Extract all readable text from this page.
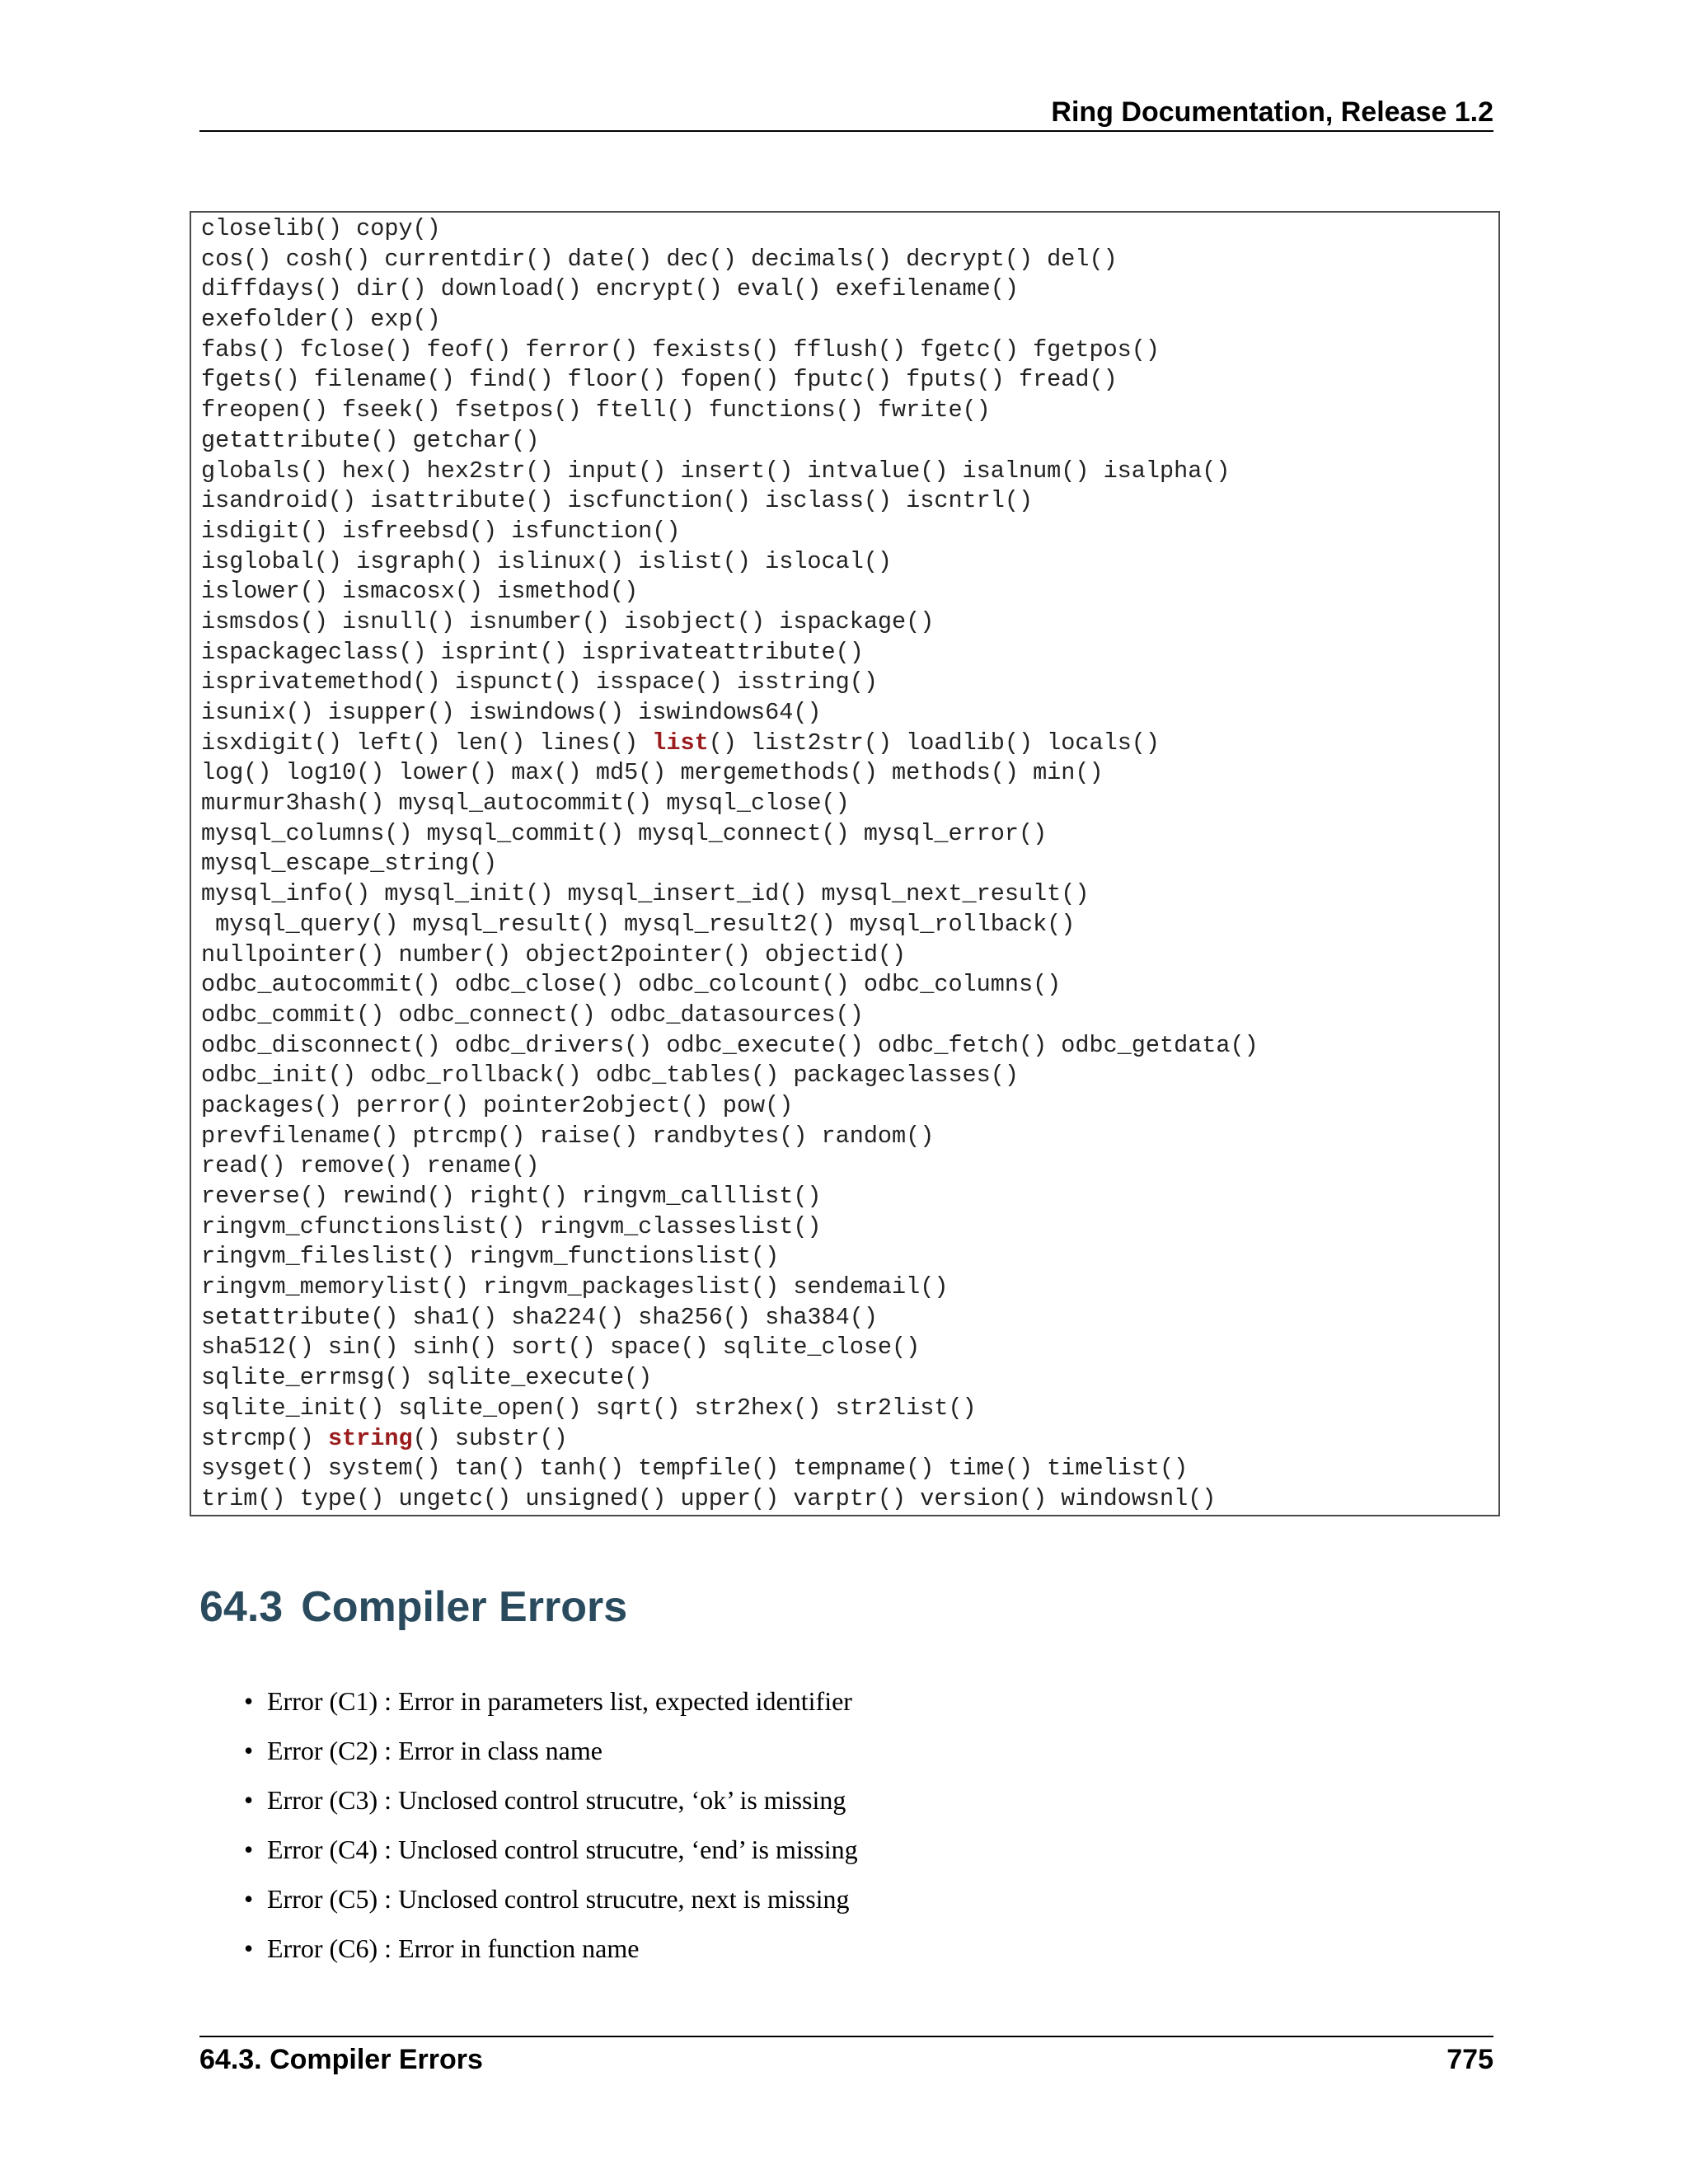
Ring Documentation, Release 1.2
closelib() copy()
cos() cosh() currentdir() date() dec() decimals() decrypt() del()
diffdays() dir() download() encrypt() eval() exefilename()
exefolder() exp()
fabs() fclose() feof() ferror() fexists() fflush() fgetc() fgetpos()
fgets() filename() find() floor() fopen() fputc() fputs() fread()
freopen() fseek() fsetpos() ftell() functions() fwrite()
getattribute() getchar()
globals() hex() hex2str() input() insert() intvalue() isalnum() isalpha()
isandroid() isattribute() iscfunction() isclass() iscntrl()
isdigit() isfreebsd() isfunction()
isglobal() isgraph() islinux() islist() islocal()
islower() ismacosx() ismethod()
ismsdos() isnull() isnumber() isobject() ispackage()
ispackageclass() isprint() isprivateattribute()
isprivatemethod() ispunct() isspace() isstring()
isunix() isupper() iswindows() iswindows64()
isxdigit() left() len() lines() list() list2str() loadlib() locals()
log() log10() lower() max() md5() mergemethods() methods() min()
murmur3hash() mysql_autocommit() mysql_close()
mysql_columns() mysql_commit() mysql_connect() mysql_error()
mysql_escape_string()
mysql_info() mysql_init() mysql_insert_id() mysql_next_result()
mysql_query() mysql_result() mysql_result2() mysql_rollback()
nullpointer() number() object2pointer() objectid()
odbc_autocommit() odbc_close() odbc_colcount() odbc_columns()
odbc_commit() odbc_connect() odbc_datasources()
odbc_disconnect() odbc_drivers() odbc_execute() odbc_fetch() odbc_getdata()
odbc_init() odbc_rollback() odbc_tables() packageclasses()
packages() perror() pointer2object() pow()
prevfilename() ptrcmp() raise() randbytes() random()
read() remove() rename()
reverse() rewind() right() ringvm_calllist()
ringvm_cfunctionslist() ringvm_classeslist()
ringvm_fileslist() ringvm_functionslist()
ringvm_memorylist() ringvm_packageslist() sendemail()
setattribute() sha1() sha224() sha256() sha384()
sha512() sin() sinh() sort() space() sqlite_close()
sqlite_errmsg() sqlite_execute()
sqlite_init() sqlite_open() sqrt() str2hex() str2list()
strcmp() string() substr()
sysget() system() tan() tanh() tempfile() tempname() time() timelist()
trim() type() ungetc() unsigned() upper() varptr() version() windowsnl()
64.3 Compiler Errors
• Error (C1) : Error in parameters list, expected identifier
• Error (C2) : Error in class name
• Error (C3) : Unclosed control strucutre, ‘ok’ is missing
• Error (C4) : Unclosed control strucutre, ‘end’ is missing
• Error (C5) : Unclosed control strucutre, next is missing
• Error (C6) : Error in function name
64.3. Compiler Errors	775
